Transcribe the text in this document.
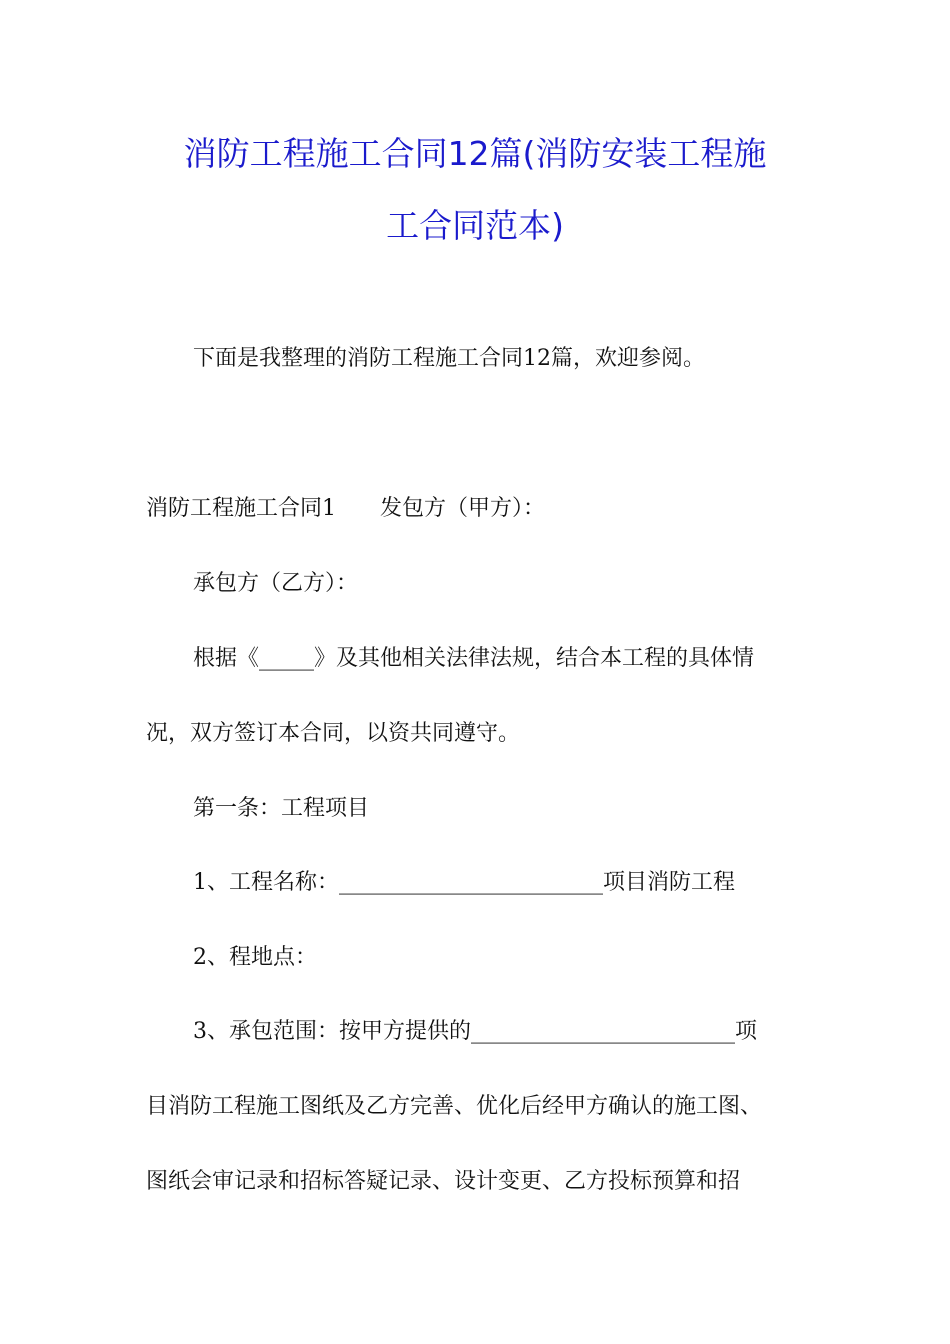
消防工程施工合同12篇(消防安装工程施
工合同范本)
下面是我整理的消防工程施工合同12篇，欢迎参阅。
消防工程施工合同1　　发包方（甲方）：
承包方（乙方）：
根据《_____》及其他相关法律法规，结合本工程的具体情
况，双方签订本合同，以资共同遵守。
第一条：工程项目
1、工程名称：________________________项目消防工程
2、程地点：
3、承包范围：按甲方提供的________________________项
目消防工程施工图纸及乙方完善、优化后经甲方确认的施工图、
图纸会审记录和招标答疑记录、设计变更、乙方投标预算和招
